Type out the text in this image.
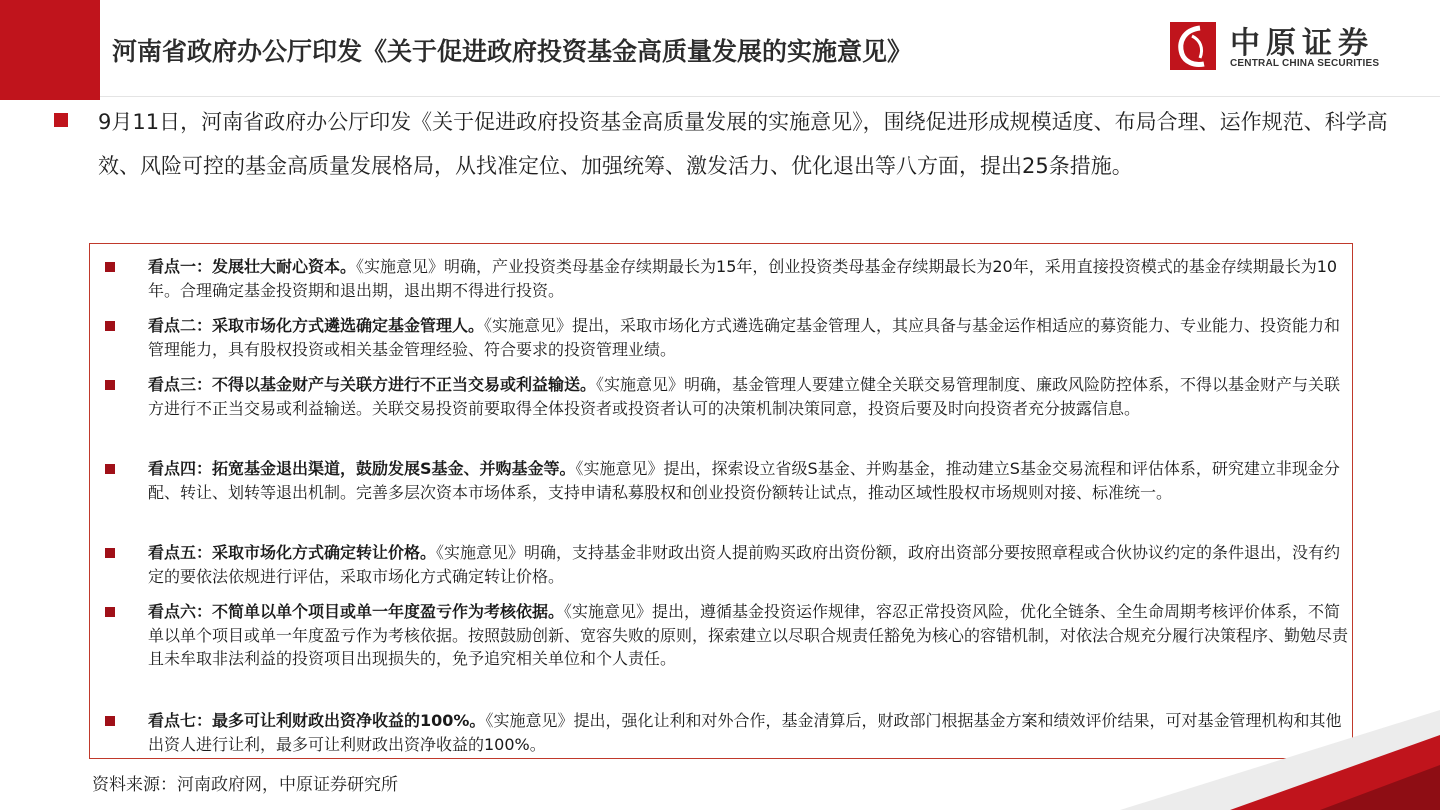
河南省政府办公厅印发《关于促进政府投资基金高质量发展的实施意见》	中原证券
CENTRAL CHINA SECURITIES
9月11日，河南省政府办公厅印发《关于促进政府投资基金高质量发展的实施意见》，围绕促进形成规模适度、布局合理、运作规范、科学高效、风险可控的基金高质量发展格局，从找准定位、加强统筹、激发活力、优化退出等八方面，提出25条措施。
看点一：发展壮大耐心资本。《实施意见》明确，产业投资类母基金存续期最长为15年，创业投资类母基金存续期最长为20年，采用直接投资模式的基金存续期最长为10年。合理确定基金投资期和退出期，退出期不得进行投资。
看点二：采取市场化方式遴选确定基金管理人。《实施意见》提出，采取市场化方式遴选确定基金管理人，其应具备与基金运作相适应的募资能力、专业能力、投资能力和管理能力，具有股权投资或相关基金管理经验、符合要求的投资管理业绩。
看点三：不得以基金财产与关联方进行不正当交易或利益输送。《实施意见》明确，基金管理人要建立健全关联交易管理制度、廉政风险防控体系，不得以基金财产与关联方进行不正当交易或利益输送。关联交易投资前要取得全体投资者或投资者认可的决策机制决策同意，投资后要及时向投资者充分披露信息。
看点四：拓宽基金退出渠道，鼓励发展S基金、并购基金等。《实施意见》提出，探索设立省级S基金、并购基金，推动建立S基金交易流程和评估体系，研究建立非现金分配、转让、划转等退出机制。完善多层次资本市场体系，支持申请私募股权和创业投资份额转让试点，推动区域性股权市场规则对接、标准统一。
看点五：采取市场化方式确定转让价格。《实施意见》明确，支持基金非财政出资人提前购买政府出资份额，政府出资部分要按照章程或合伙协议约定的条件退出，没有约定的要依法依规进行评估，采取市场化方式确定转让价格。
看点六：不简单以单个项目或单一年度盈亏作为考核依据。《实施意见》提出，遵循基金投资运作规律，容忍正常投资风险，优化全链条、全生命周期考核评价体系，不简单以单个项目或单一年度盈亏作为考核依据。按照鼓励创新、宽容失败的原则，探索建立以尽职合规责任豁免为核心的容错机制，对依法合规充分履行决策程序、勤勉尽责且未牟取非法利益的投资项目出现损失的，免予追究相关单位和个人责任。
看点七：最多可让利财政出资净收益的100%。《实施意见》提出，强化让利和对外合作，基金清算后，财政部门根据基金方案和绩效评价结果，可对基金管理机构和其他出资人进行让利，最多可让利财政出资净收益的100%。
资料来源：河南政府网，中原证券研究所
